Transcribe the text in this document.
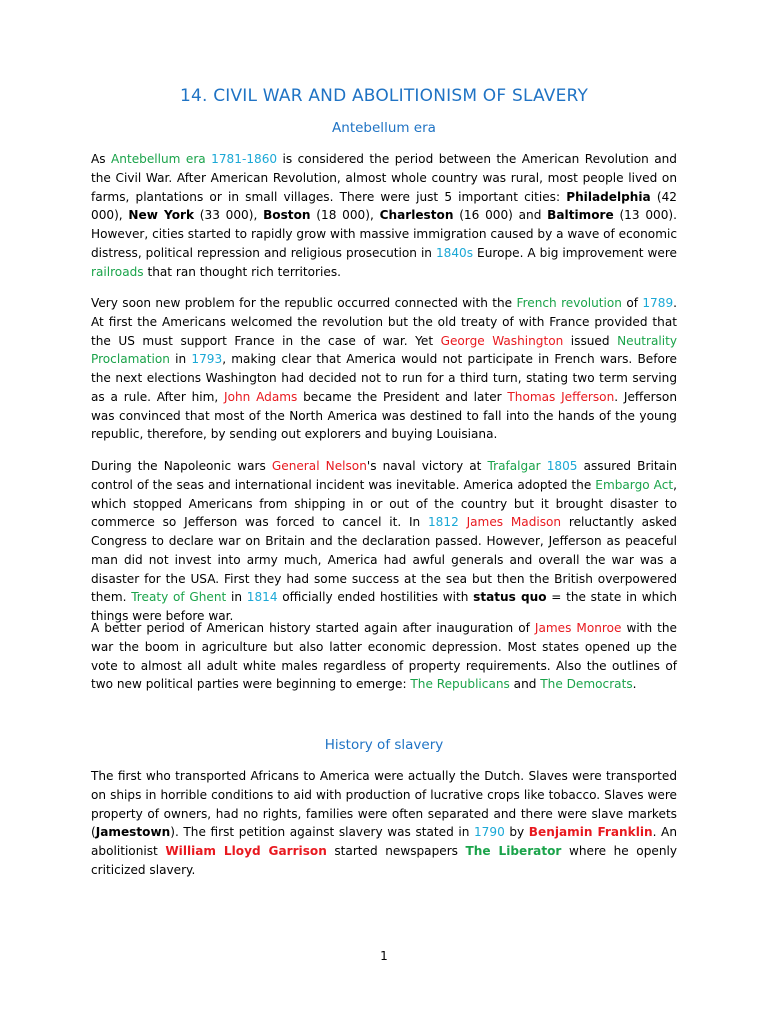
14. CIVIL WAR AND ABOLITIONISM OF SLAVERY
Antebellum era

As Antebellum era 1781-1860 is considered the period between the American Revolution and the Civil War. After American Revolution, almost whole country was rural, most people lived on farms, plantations or in small villages. There were just 5 important cities: Philadelphia (42 000), New York (33 000), Boston (18 000), Charleston (16 000) and Baltimore (13 000). However, cities started to rapidly grow with massive immigration caused by a wave of economic distress, political repression and religious prosecution in 1840s Europe. A big improvement were railroads that ran thought rich territories.

Very soon new problem for the republic occurred connected with the French revolution of 1789. At first the Americans welcomed the revolution but the old treaty of with France provided that the US must support France in the case of war. Yet George Washington issued Neutrality Proclamation in 1793, making clear that America would not participate in French wars. Before the next elections Washington had decided not to run for a third turn, stating two term serving as a rule. After him, John Adams became the President and later Thomas Jefferson. Jefferson was convinced that most of the North America was destined to fall into the hands of the young republic, therefore, by sending out explorers and buying Louisiana.

During the Napoleonic wars General Nelson's naval victory at Trafalgar 1805 assured Britain control of the seas and international incident was inevitable. America adopted the Embargo Act, which stopped Americans from shipping in or out of the country but it brought disaster to commerce so Jefferson was forced to cancel it. In 1812 James Madison reluctantly asked Congress to declare war on Britain and the declaration passed. However, Jefferson as peaceful man did not invest into army much, America had awful generals and overall the war was a disaster for the USA. First they had some success at the sea but then the British overpowered them. Treaty of Ghent in 1814 officially ended hostilities with status quo = the state in which things were before war.

A better period of American history started again after inauguration of James Monroe with the war the boom in agriculture but also latter economic depression. Most states opened up the vote to almost all adult white males regardless of property requirements. Also the outlines of two new political parties were beginning to emerge: The Republicans and The Democrats.

History of slavery

The first who transported Africans to America were actually the Dutch. Slaves were transported on ships in horrible conditions to aid with production of lucrative crops like tobacco. Slaves were property of owners, had no rights, families were often separated and there were slave markets (Jamestown). The first petition against slavery was stated in 1790 by Benjamin Franklin. An abolitionist William Lloyd Garrison started newspapers The Liberator where he openly criticized slavery.

1
